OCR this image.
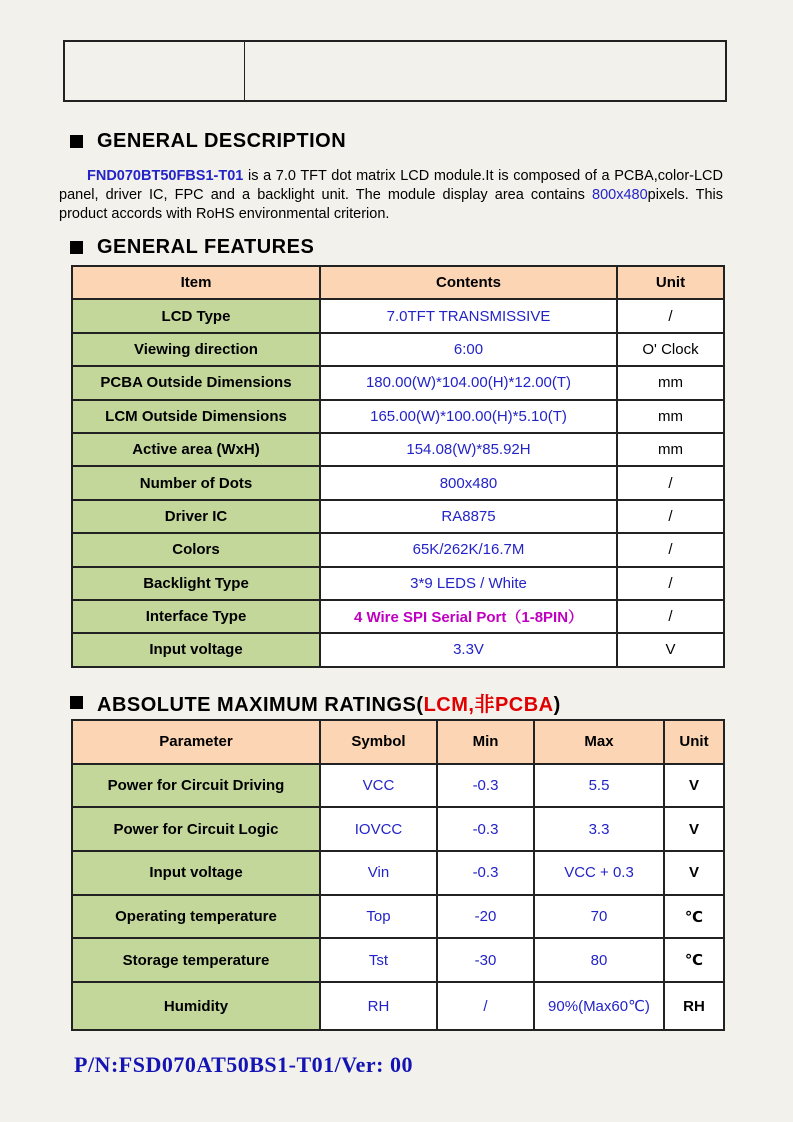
GENERAL DESCRIPTION
FND070BT50FBS1-T01 is a 7.0 TFT dot matrix LCD module.It is composed of a PCBA,color-LCD panel, driver IC, FPC and a backlight unit. The module display area contains 800x480pixels. This product accords with RoHS environmental criterion.
GENERAL FEATURES
Item	Contents	Unit
LCD Type	7.0TFT TRANSMISSIVE	/
Viewing direction	6:00	O' Clock
PCBA Outside Dimensions	180.00(W)*104.00(H)*12.00(T)	mm
LCM Outside Dimensions	165.00(W)*100.00(H)*5.10(T)	mm
Active area (WxH)	154.08(W)*85.92H	mm
Number of Dots	800x480	/
Driver IC	RA8875	/
Colors	65K/262K/16.7M	/
Backlight Type	3*9 LEDS / White	/
Interface Type	4 Wire SPI Serial Port（1-8PIN）	/
Input voltage	3.3V	V
ABSOLUTE MAXIMUM RATINGS(LCM,非PCBA)
Parameter	Symbol	Min	Max	Unit
Power for Circuit Driving	VCC	-0.3	5.5	V
Power for Circuit Logic	IOVCC	-0.3	3.3	V
Input voltage	Vin	-0.3	VCC + 0.3	V
Operating temperature	Top	-20	70	℃
Storage temperature	Tst	-30	80	℃
Humidity	RH	/	90%(Max60℃)	RH
P/N:FSD070AT50BS1-T01/Ver: 00
